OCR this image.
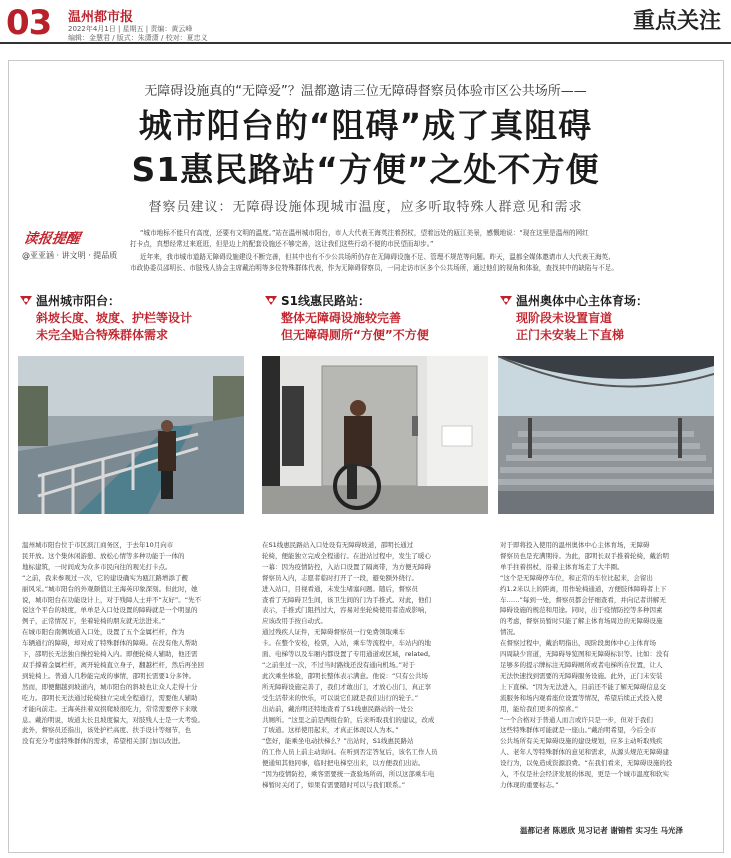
03 温州都市报
2022年4月1日 | 星期五 | 责编：黄云峰
编辑：金慧君 / 版式：朱潇潇 / 校对：夏忠义
重点关注
无障碍设施真的“无障爱”？温都邀请三位无障碍督察员体验市区公共场所——
城市阳台的“阻碍”成了真阻碍
S1惠民路站“方便”之处不方便
督察员建议：无障碍设施体现城市温度，应多听取特殊人群意见和需求
读报提醒
@亚亚涵 · 讲文明 · 提品质
“城市地标不能只有高度，还要有文明的温度。”站在温州城市阳台，市人大代表王海英注着拐杖，望着远处的瓯江美景，感慨地说：“现在这里是温州的网红
打卡点，真想经常过来逛逛，但是边上的配套设施还不够完善，这让我们这些行动不便的市民望而却步。”
近年来，我市城市道路无障碍设施建设不断完善，但其中也有不少公共场所仍存在无障碍设施不足、管理不规范等问题。昨天，温都全媒体邀请市人大代表王海英、
市政协委员邵明长、市肢残人协会主席戴治明等多位特殊群体代表，作为无障碍督察员，一同走访市区多个公共场所，通过他们的视角和体验，查找其中的缺陷与不足。
温州城市阳台：
斜坡长度、坡度、护栏等设计
未完全贴合特殊群体需求
S1线惠民路站：
整体无障碍设施较完善
但无障碍厕所“方便”不方便
温州奥体中心主体育场：
现阶段未设置盲道
正门未安装上下直梯

温州城市阳台位于市区滨江商务区，于去年10月向市

民开放。这个集休闲游憩、放松心情等多种功能于一体的

地标建筑，一时间成为众多市民向往的观光打卡点。

“之前，我来参观过一次，它的建设确实为瓯江路增添了靓

丽风采。”城市阳台的外观颇值让王海英印象深刻。但此时，她

说，城市阳台在功能设计上，对于残障人士并不“友好”。“先不

说这个平台的坡度，单单是入口处设置的障碍就是一个明显的

例子，正常情况下，坐着轮椅的朋友就无法进来。”

在城市阳台南侧坡道入口处，设置了五个金属栏杆，作为

车辆通行的障碍，却对成了特殊群体的障碍。在没有他人帮助

下，邵明长无法独自操控轮椅入内。即便轮椅人辅助，他还需

双手撑着金属栏杆，离开轮椅直立身子，翻越栏杆，然后再坐回

到轮椅上。普通人几秒能完成的事情，邵明长需要1分多钟。

然而，即便翻越到坡道内，城市阳台的斜坡也让众人走得十分

吃力。邵明长无法通过轮椅独立完成全程通行，需要他人辅助

才能向前走。王海英拄着双拐爬坡很吃力，常常需要停下来歇

息。戴治明说，坡道太长且坡度偏大，对肢残人士是一大考验。

此外，督察员还指出，该处护栏高度、扶手设计等细节，也

没有充分考虑特殊群体的需求，希望相关部门加以改进。

在S1线惠民路站入口处设有无障碍坡道，邵明长通过

轮椅，便能独立完成全程通行。在进站过程中，发生了暖心

一幕：因为疫情防控，入站口设置了隔离带，为方便无障碍

督察员入内，志愿者临时打开了一段，避免额外绕行。

进入站口，目视看通，未发生堵塞问题。随后，督察员

查看了无障碍卫生间，该卫生间的门为手推式。对此，他们

表示，手推式门阻挡过大，容易对坐轮椅使用者造成影响，

应该改用手按自动式。

通过残疾人证件，无障碍督察员一行免费领取乘车

卡。在整个安检，检票，入站，乘车等流程中，车站内的地

面、电梯等以及车厢内都设置了专用通道或区域，related。

“之前坐过一次，不过当时路线还没有通向机场。”对于

此次乘坐体验，邵明长整体表示满意。他说：“只有公共场

所无障碍设施完善了，我们才敢出门，才放心出门，真正享

受生活带来的快乐，可以说它们就是我们出行的轮子。”

出站前，戴治明还特地查看了S1线惠民路站的一处公

共厕所。“这里之前是两级台阶，后来听取我们的建议，改成

了坡道。这样使用起来，才真正体现以人为本。”

“您好，能乘坐电动扶梯么？”出站时，S1线惠民路站

的工作人员上前主动询问。在听到否定答复后，该名工作人员

便通知其他同事，临时把电梯空出来，以方便我们出站。

“因为疫情防控，乘客需要统一查验场所码，所以这部乘车电

梯暂时关闭了，如果有需要随时可以与我们联系。”

对于即将投入使用的温州奥体中心主体育场，无障碍

督察员也是充满期待。为此，邵明长双手推着轮椅，戴治明

单手拄着拐杖，沿着主体育场走了大半圈。

“这个是无障碍停车位，和正常的车位比起来，会留出

约1.2米以上的距离，用作轮椅通道，方便肢体障碍者上下

车……”每到一处，督察员都会仔细查看，并向记者讲解无

障碍设施的规范和用途。同时，出于疫情防控等多种因素

的考虑，督察员暂时只能了解主体育场周边的无障碍设施

情况。

在督察过程中，戴治明指出，现阶段奥体中心主体育场

四周缺少盲道，无障碍导览图和无障碍标识等。比如：没有

足够多的提示牌标注无障碍厕所或者电梯所在位置，让人

无法快速找到需要的无障碍服务设施。此外，正门未安装

上下直梯。“因为无法进入，目前还不能了解无障碍信息交

流服务和场内观看座位设置等情况，希望后续正式投入使

用，能给我们更多的惊喜。”

“一个合格对于普通人而言或许只是一步，但对于我们

这些特殊群体可能就是一座山。”戴治明希望，今后全市

公共场所有关无障碍设施的建设规划，应多主动听取残疾

人、老年人等特殊群体的意见和需求，从源头规范无障碍建

设行为，以免造成资源浪费。“在我们看来，无障碍设施的投

入，不仅是社会经济发展的体现，更是一个城市温度和软实

力体现的重要标志。”

温都记者 陈恩欣 见习记者 谢锦哲 实习生 马光泽
